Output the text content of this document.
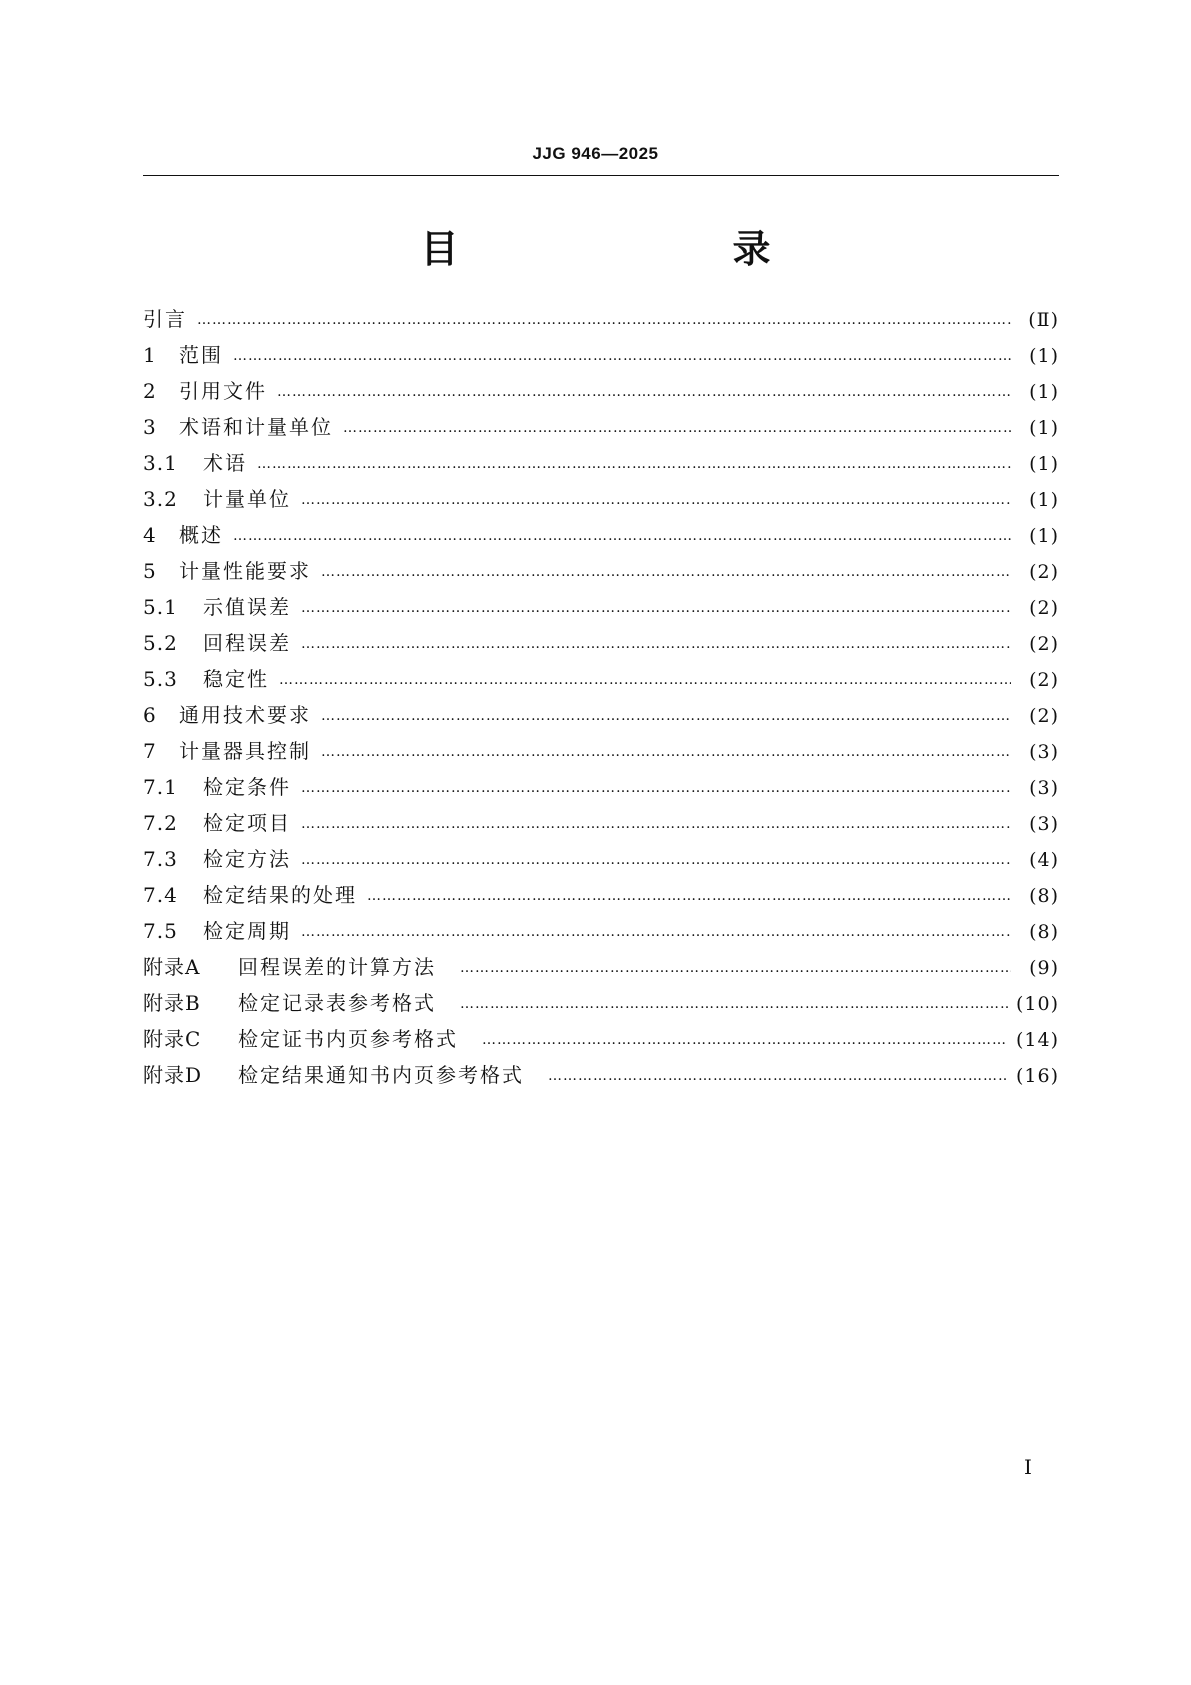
JJG 946—2025
目　　录
引言 …………………………………………………………………………………………………………………………………………………………………………………………………………………………………………………………………………	(Ⅱ)
1	范围 …………………………………………………………………………………………………………………………………………………………………………………………………………………………………………………………………………	(1)
2	引用文件 …………………………………………………………………………………………………………………………………………………………………………………………………………………………………………………………………………	(1)
3	术语和计量单位 …………………………………………………………………………………………………………………………………………………………………………………………………………………………………………………………………………	(1)
3.1	术语 …………………………………………………………………………………………………………………………………………………………………………………………………………………………………………………………………………	(1)
3.2	计量单位 …………………………………………………………………………………………………………………………………………………………………………………………………………………………………………………………………………	(1)
4	概述 …………………………………………………………………………………………………………………………………………………………………………………………………………………………………………………………………………	(1)
5	计量性能要求 …………………………………………………………………………………………………………………………………………………………………………………………………………………………………………………………………………	(2)
5.1	示值误差 …………………………………………………………………………………………………………………………………………………………………………………………………………………………………………………………………………	(2)
5.2	回程误差 …………………………………………………………………………………………………………………………………………………………………………………………………………………………………………………………………………	(2)
5.3	稳定性 …………………………………………………………………………………………………………………………………………………………………………………………………………………………………………………………………………	(2)
6	通用技术要求 …………………………………………………………………………………………………………………………………………………………………………………………………………………………………………………………………………	(2)
7	计量器具控制 …………………………………………………………………………………………………………………………………………………………………………………………………………………………………………………………………………	(3)
7.1	检定条件 …………………………………………………………………………………………………………………………………………………………………………………………………………………………………………………………………………	(3)
7.2	检定项目 …………………………………………………………………………………………………………………………………………………………………………………………………………………………………………………………………………	(3)
7.3	检定方法 …………………………………………………………………………………………………………………………………………………………………………………………………………………………………………………………………………	(4)
7.4	检定结果的处理 …………………………………………………………………………………………………………………………………………………………………………………………………………………………………………………………………………	(8)
7.5	检定周期 …………………………………………………………………………………………………………………………………………………………………………………………………………………………………………………………………………	(8)
附录A	回程误差的计算方法 …………………………………………………………………………………………………………………………………………………………………………………………………………………………………………………………………………	(9)
附录B	检定记录表参考格式 …………………………………………………………………………………………………………………………………………………………………………………………………………………………………………………………………………	(10)
附录C	检定证书内页参考格式 …………………………………………………………………………………………………………………………………………………………………………………………………………………………………………………………………………	(14)
附录D	检定结果通知书内页参考格式 …………………………………………………………………………………………………………………………………………………………………………………………………………………………………………………………………………	(16)
Ⅰ
